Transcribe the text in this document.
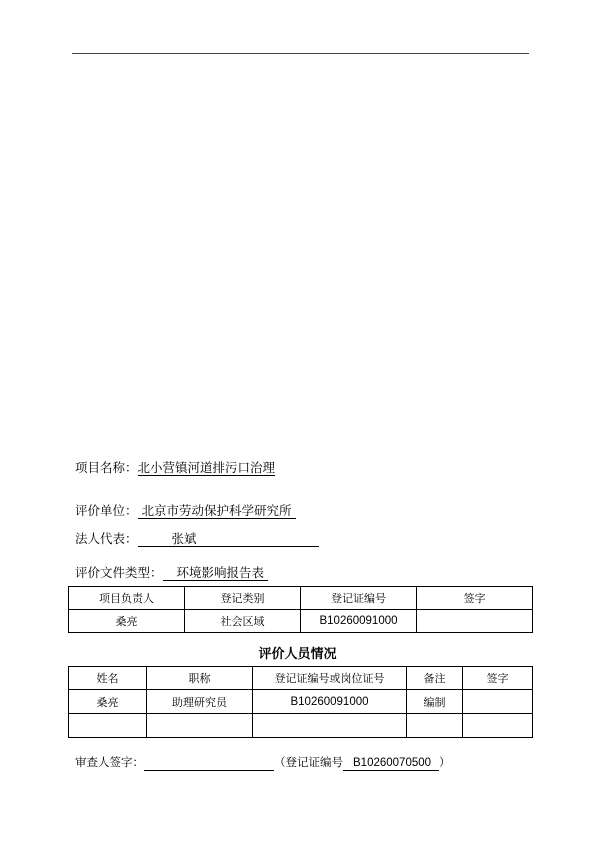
项目名称：北小营镇河道排污口治理
评价单位： 北京市劳动保护科学研究所
法人代表：	张斌
评价文件类型： 环境影响报告表
项目负责人	登记类别	登记证编号	签字
桑亮	社会区域	B10260091000	
评价人员情况
姓名	职称	登记证编号或岗位证号	备注	签字
桑亮	助理研究员	B10260091000	编制	

审查人签字：	（登记证编号 B10260070500 ）
